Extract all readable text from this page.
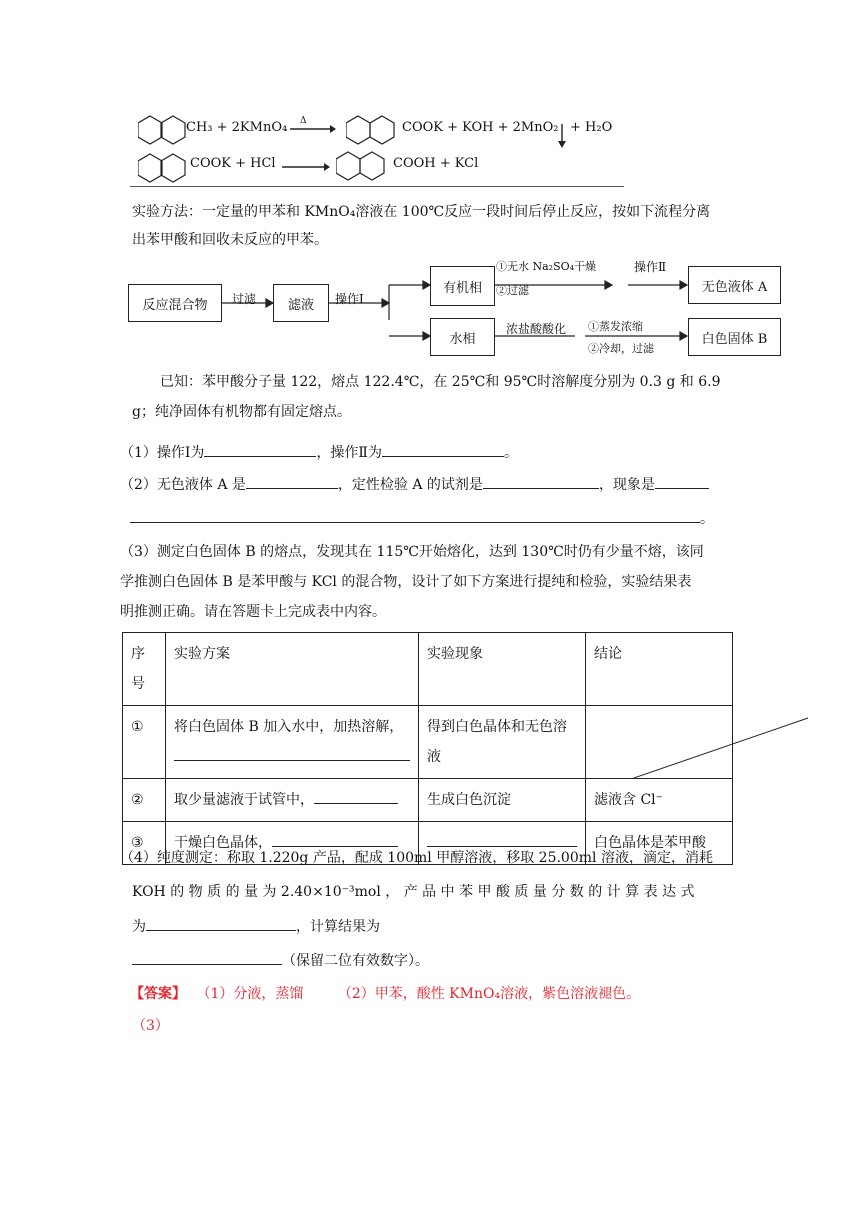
CH₃ + 2KMnO₄ Δ	COOK + KOH + 2MnO₂ + H₂O
COOK + HCl	COOH + KCl
实验方法：一定量的甲苯和 KMnO₄溶液在 100℃反应一段时间后停止反应，按如下流程分离
出苯甲酸和回收未反应的甲苯。
反应混合物	过滤	滤液	操作Ⅰ
有机相
①无水 Na₂SO₄干燥
②过滤
操作Ⅱ
无色液体 A
水相
浓盐酸酸化 ①蒸发浓缩
②冷却，过滤
白色固体 B
已知：苯甲酸分子量 122，熔点 122.4℃，在 25℃和 95℃时溶解度分别为 0.3 g 和 6.9
g；纯净固体有机物都有固定熔点。
（1）操作Ⅰ为	，操作Ⅱ为	。
（2）无色液体 A 是	，定性检验 A 的试剂是	，现象是
。
（3）测定白色固体 B 的熔点，发现其在 115℃开始熔化，达到 130℃时仍有少量不熔，该同
学推测白色固体 B 是苯甲酸与 KCl 的混合物，设计了如下方案进行提纯和检验，实验结果表
明推测正确。请在答题卡上完成表中内容。
序号	实验方案	实验现象	结论
①	将白色固体 B 加入水中，加热溶解，	得到白色晶体和无色溶液	
②	取少量滤液于试管中，	生成白色沉淀	滤液含 Cl⁻
③	干燥白色晶体，		白色晶体是苯甲酸
（4）纯度测定：称取 1.220g 产品，配成 100ml 甲醇溶液，移取 25.00ml 溶液，滴定，消耗
KOH 的 物 质 的 量 为 2.40×10⁻³mol ， 产 品 中 苯 甲 酸 质 量 分 数 的 计 算 表 达 式
为	，计算结果为
（保留二位有效数字）。
【答案】 （1）分液，蒸馏 （2）甲苯，酸性 KMnO₄溶液，紫色溶液褪色。
（3）
